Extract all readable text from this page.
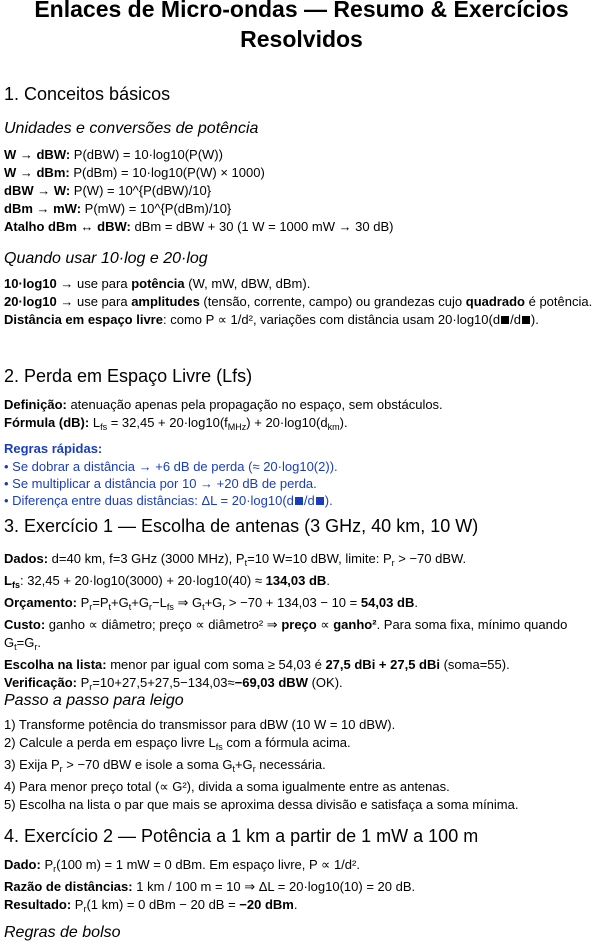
Enlaces de Micro-ondas — Resumo & Exercícios Resolvidos
1. Conceitos básicos
Unidades e conversões de potência
W → dBW: P(dBW) = 10·log10(P(W))
W → dBm: P(dBm) = 10·log10(P(W) × 1000)
dBW → W: P(W) = 10^{P(dBW)/10}
dBm → mW: P(mW) = 10^{P(dBm)/10}
Atalho dBm ↔ dBW: dBm = dBW + 30 (1 W = 1000 mW → 30 dB)
Quando usar 10·log e 20·log
10·log10 → use para potência (W, mW, dBW, dBm).
20·log10 → use para amplitudes (tensão, corrente, campo) ou grandezas cujo quadrado é potência.
Distância em espaço livre: como P ∝ 1/d², variações com distância usam 20·log10(d /d ).
2. Perda em Espaço Livre (Lfs)
Definição: atenuação apenas pela propagação no espaço, sem obstáculos.
Fórmula (dB): $L_{fs} = 32,45 + 20\cdot\log 10(f_{MHz}) + 20\cdot\log 10(d_{km})$.
Regras rápidas:
• Se dobrar a distância → +6 dB de perda (≈ 20·log10(2)).
• Se multiplicar a distância por 10 → +20 dB de perda.
• Diferença entre duas distâncias: ΔL = 20·log10(d /d ).
3. Exercício 1 — Escolha de antenas (3 GHz, 40 km, 10 W)
Dados: d=40 km, f=3 GHz (3000 MHz), $P_t=10$ W=10 dBW, limite: $P_r > -70$ dBW.
$L_{fs}$: 32,45 + 20·log10(3000) + 20·log10(40) ≈ 134,03 dB.
Orçamento: $P_r=P_t+G_t+G_r-L_{fs}$ ⇒ $G_t+G_r > -70 + 134,03 - 10 = 54,03$ dB.
Custo: ganho ∝ diâmetro; preço ∝ diâmetro² ⇒ preço ∝ ganho². Para soma fixa, mínimo quando $G_t=G_r$.
Escolha na lista: menor par igual com soma ≥ 54,03 é 27,5 dBi + 27,5 dBi (soma=55).
Verificação: $P_r=10+27,5+27,5-134,03\approx-69,03$ dBW (OK).
Passo a passo para leigo
1) Transforme potência do transmissor para dBW (10 W = 10 dBW).
2) Calcule a perda em espaço livre $L_{fs}$ com a fórmula acima.
3) Exija $P_r > -70$ dBW e isole a soma $G_t+G_r$ necessária.
4) Para menor preço total (∝ G²), divida a soma igualmente entre as antenas.
5) Escolha na lista o par que mais se aproxima dessa divisão e satisfaça a soma mínima.
4. Exercício 2 — Potência a 1 km a partir de 1 mW a 100 m
Dado: $P_r(100$ m) = 1 mW = 0 dBm. Em espaço livre, P ∝ 1/d².
Razão de distâncias: 1 km / 100 m = 10 ⇒ ΔL = 20·log10(10) = 20 dB.
Resultado: $P_r(1$ km) = 0 dBm − 20 dB = −20 dBm.
Regras de bolso
